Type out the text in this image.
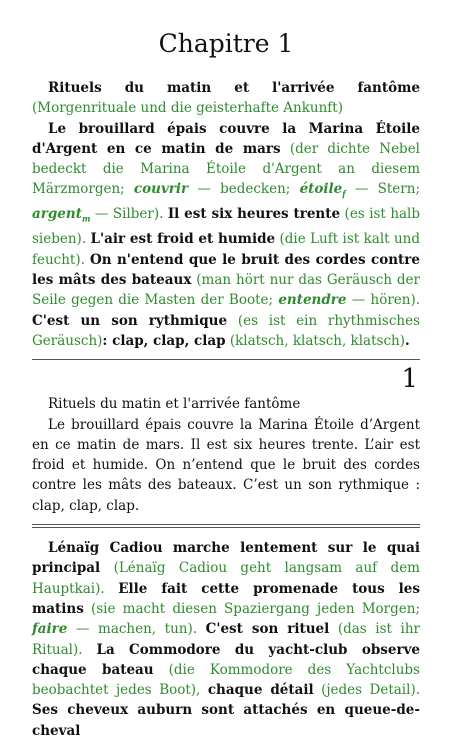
Chapitre 1

Rituels du matin et l'arrivée fantôme (Morgenrituale und die geisterhafte Ankunft)

Le brouillard épais couvre la Marina Étoile d'Argent en ce matin de mars (der dichte Nebel bedeckt die Marina Étoile d'Argent an diesem Märzmorgen; couvrir — bedecken; étoile$_f$ — Stern; argent$_m$ — Silber). Il est six heures trente (es ist halb sieben). L'air est froid et humide (die Luft ist kalt und feucht). On n'entend que le bruit des cordes contre les mâts des bateaux (man hört nur das Geräusch der Seile gegen die Masten der Boote; entendre — hören). C'est un son rythmique (es ist ein rhythmisches Geräusch): clap, clap, clap (klatsch, klatsch, klatsch).

1

Rituels du matin et l'arrivée fantôme

Le brouillard épais couvre la Marina Étoile d’Argent en ce matin de mars. Il est six heures trente. L’air est froid et humide. On n’entend que le bruit des cordes contre les mâts des bateaux. C’est un son rythmique : clap, clap, clap.

Lénaïg Cadiou marche lentement sur le quai principal (Lénaïg Cadiou geht langsam auf dem Hauptkai). Elle fait cette promenade tous les matins (sie macht diesen Spaziergang jeden Morgen; faire — machen, tun). C'est son rituel (das ist ihr Ritual). La Commodore du yacht-club observe chaque bateau (die Kommodore des Yachtclubs beobachtet jedes Boot), chaque détail (jedes Detail). Ses cheveux auburn sont attachés en queue-de-cheval
